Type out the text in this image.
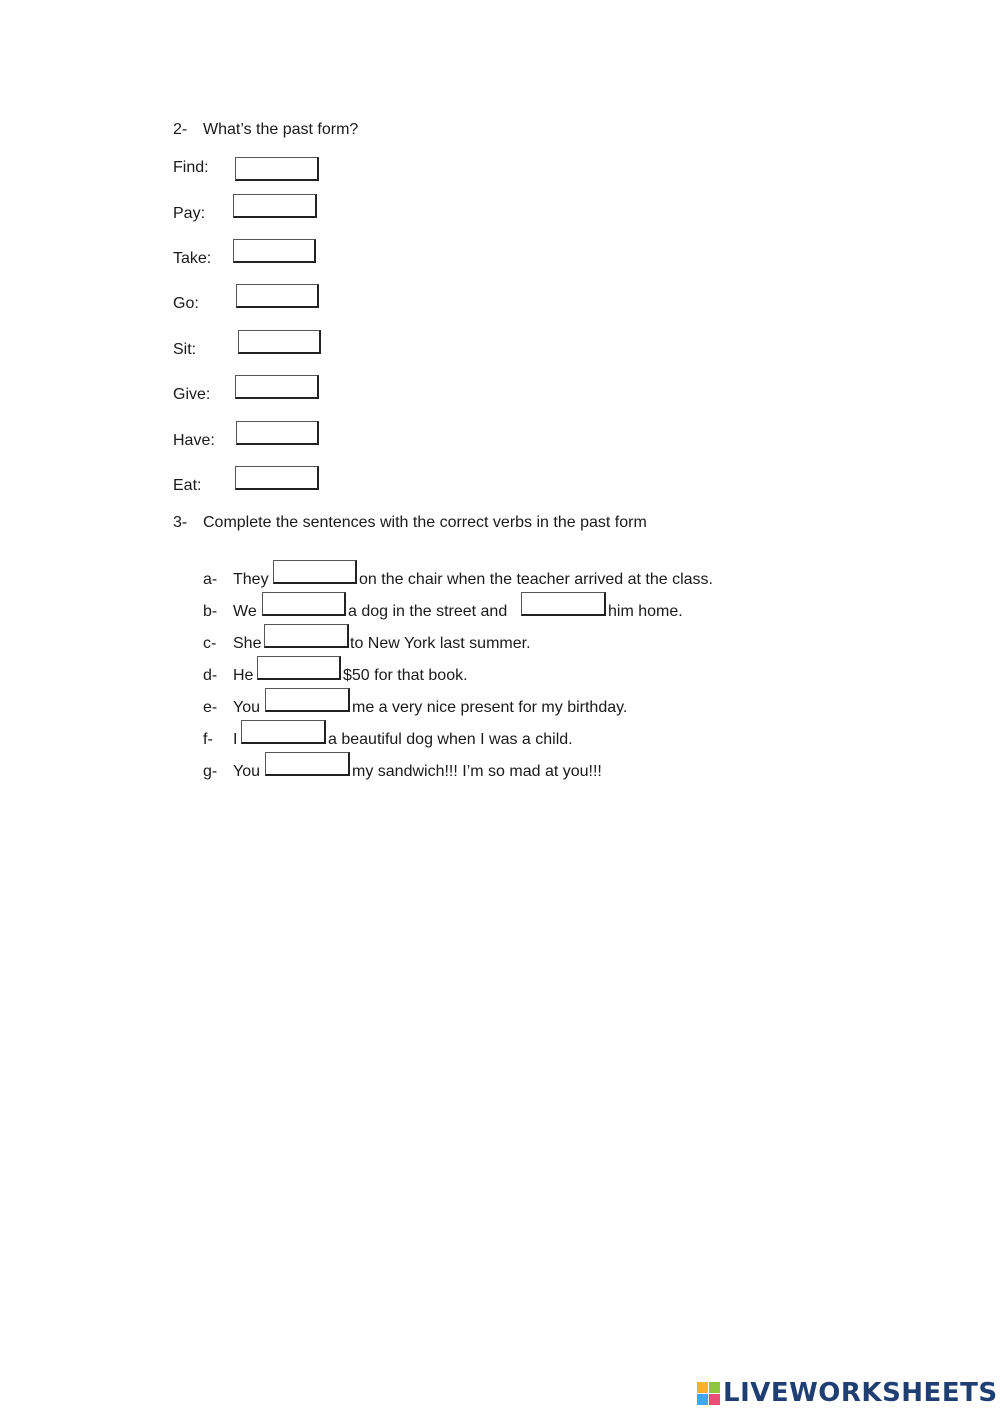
2- What’s the past form?
Find:
Pay:
Take:
Go:
Sit:
Give:
Have:
Eat:
3- Complete the sentences with the correct verbs in the past form
a- They	on the chair when the teacher arrived at the class.
b- We	a dog in the street and	him home.
c- She	to New York last summer.
d- He	$50 for that book.
e- You	me a very nice present for my birthday.
f- I	a beautiful dog when I was a child.
g- You	my sandwich!!! I’m so mad at you!!!
LIVEWORKSHEETS
